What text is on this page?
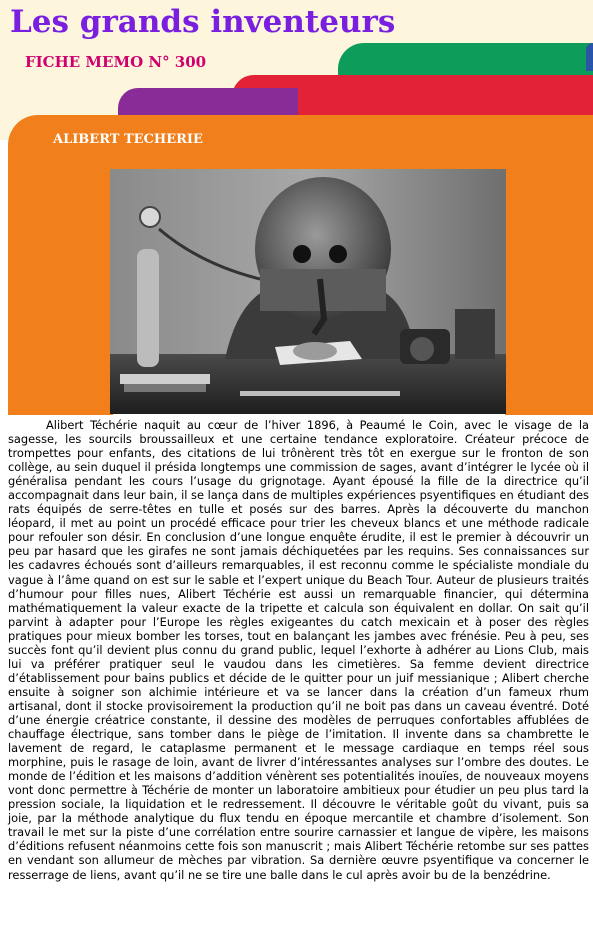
Les grands inventeurs
FICHE MEMO N° 300
ALIBERT TECHERIE

Alibert Téchérie naquit au cœur de l’hiver 1896, à Peaumé le Coin, avec le visage de la sagesse, les sourcils broussailleux et une certaine tendance exploratoire. Créateur précoce de trompettes pour enfants, des citations de lui trônèrent très tôt en exergue sur le fronton de son collège, au sein duquel il présida longtemps une commission de sages, avant d’intégrer le lycée où il généralisa pendant les cours l’usage du grignotage. Ayant épousé la fille de la directrice qu’il accompagnait dans leur bain, il se lança dans de multiples expériences psyentifiques en étudiant des rats équipés de serre-têtes en tulle et posés sur des barres. Après la découverte du manchon léopard, il met au point un procédé efficace pour trier les cheveux blancs et une méthode radicale pour refouler son désir. En conclusion d’une longue enquête érudite, il est le premier à découvrir un peu par hasard que les girafes ne sont jamais déchiquetées par les requins. Ses connaissances sur les cadavres échoués sont d’ailleurs remarquables, il est reconnu comme le spécialiste mondiale du vague à l’âme quand on est sur le sable et l’expert unique du Beach Tour. Auteur de plusieurs traités d’humour pour filles nues, Alibert Téchérie est aussi un remarquable financier, qui détermina mathématiquement la valeur exacte de la tripette et calcula son équivalent en dollar. On sait qu’il parvint à adapter pour l’Europe les règles exigeantes du catch mexicain et à poser des règles pratiques pour mieux bomber les torses, tout en balançant les jambes avec frénésie. Peu à peu, ses succès font qu’il devient plus connu du grand public, lequel l’exhorte à adhérer au Lions Club, mais lui va préférer pratiquer seul le vaudou dans les cimetières. Sa femme devient directrice d’établissement pour bains publics et décide de le quitter pour un juif messianique ; Alibert cherche ensuite à soigner son alchimie intérieure et va se lancer dans la création d’un fameux rhum artisanal, dont il stocke provisoirement la production qu’il ne boit pas dans un caveau éventré. Doté d’une énergie créatrice constante, il dessine des modèles de perruques confortables affublées de chauffage électrique, sans tomber dans le piège de l’imitation. Il invente dans sa chambrette le lavement de regard, le cataplasme permanent et le message cardiaque en temps réel sous morphine, puis le rasage de loin, avant de livrer d’intéressantes analyses sur l’ombre des doutes. Le monde de l’édition et les maisons d’addition vénèrent ses potentialités inouïes, de nouveaux moyens vont donc permettre à Téchérie de monter un laboratoire ambitieux pour étudier un peu plus tard la pression sociale, la liquidation et le redressement. Il découvre le véritable goût du vivant, puis sa joie, par la méthode analytique du flux tendu en époque mercantile et chambre d’isolement. Son travail le met sur la piste d’une corrélation entre sourire carnassier et langue de vipère, les maisons d’éditions refusent néanmoins cette fois son manuscrit ; mais Alibert Téchérie retombe sur ses pattes en vendant son allumeur de mèches par vibration. Sa dernière œuvre psyentifique va concerner le resserrage de liens, avant qu’il ne se tire une balle dans le cul après avoir bu de la benzédrine.
